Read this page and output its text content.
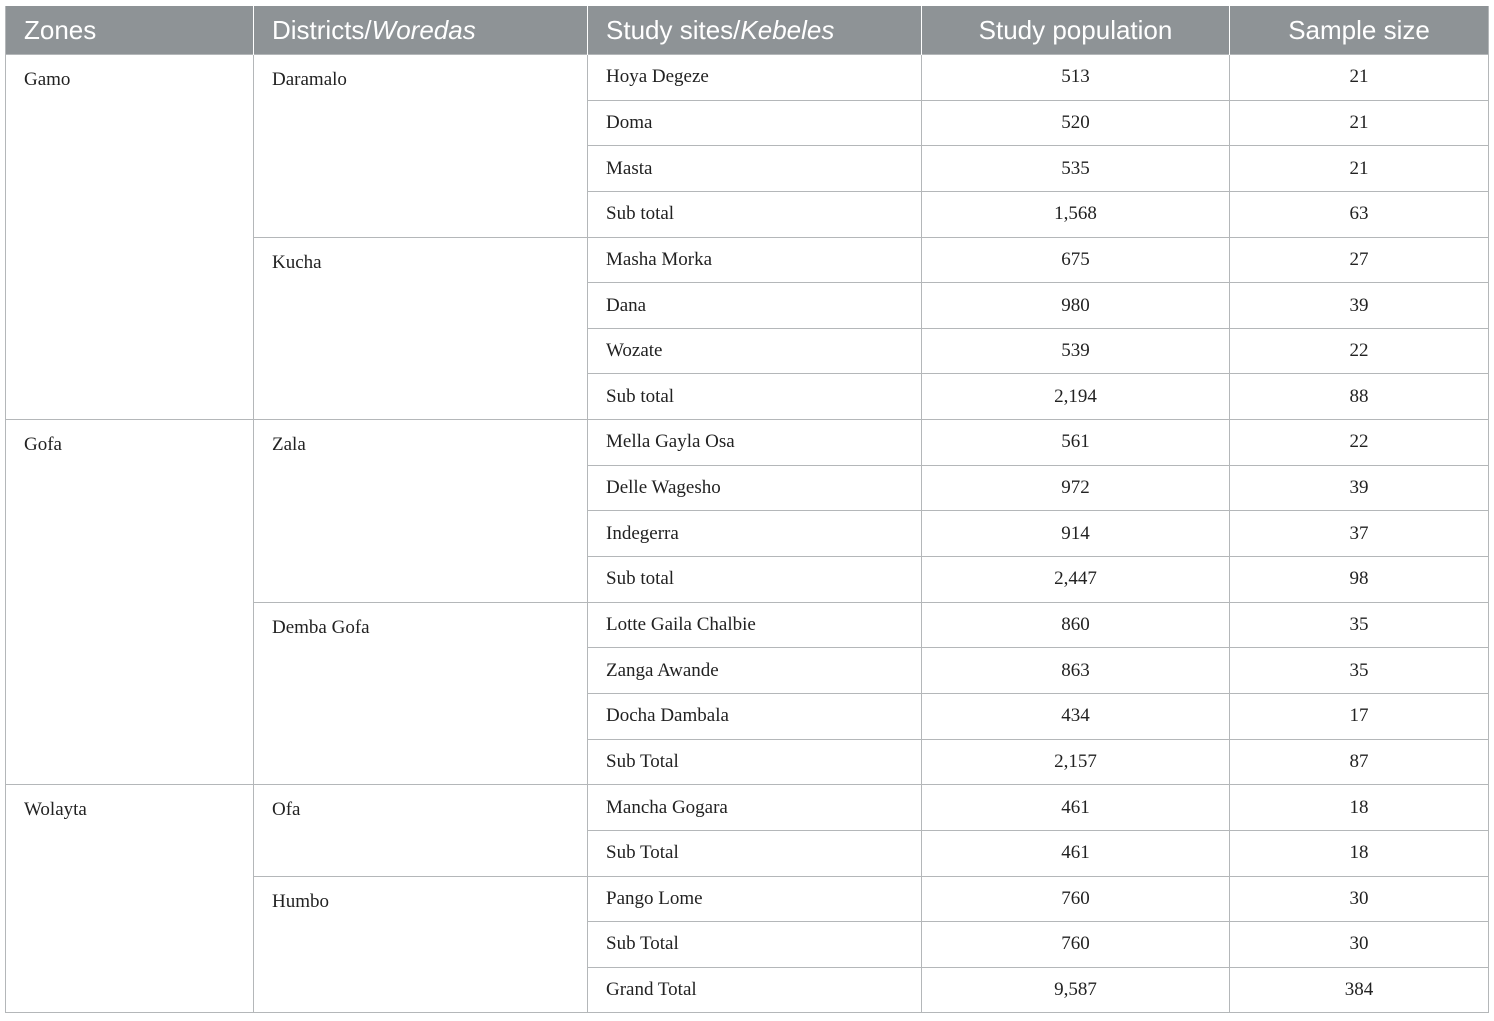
Zones	Districts/Woredas	Study sites/Kebeles	Study population	Sample size
Gamo	Daramalo	Hoya Degeze	513	21
		Doma	520	21
		Masta	535	21
		Sub total	1,568	63
	Kucha	Masha Morka	675	27
		Dana	980	39
		Wozate	539	22
		Sub total	2,194	88
Gofa	Zala	Mella Gayla Osa	561	22
		Delle Wagesho	972	39
		Indegerra	914	37
		Sub total	2,447	98
	Demba Gofa	Lotte Gaila Chalbie	860	35
		Zanga Awande	863	35
		Docha Dambala	434	17
		Sub Total	2,157	87
Wolayta	Ofa	Mancha Gogara	461	18
		Sub Total	461	18
	Humbo	Pango Lome	760	30
		Sub Total	760	30
		Grand Total	9,587	384
